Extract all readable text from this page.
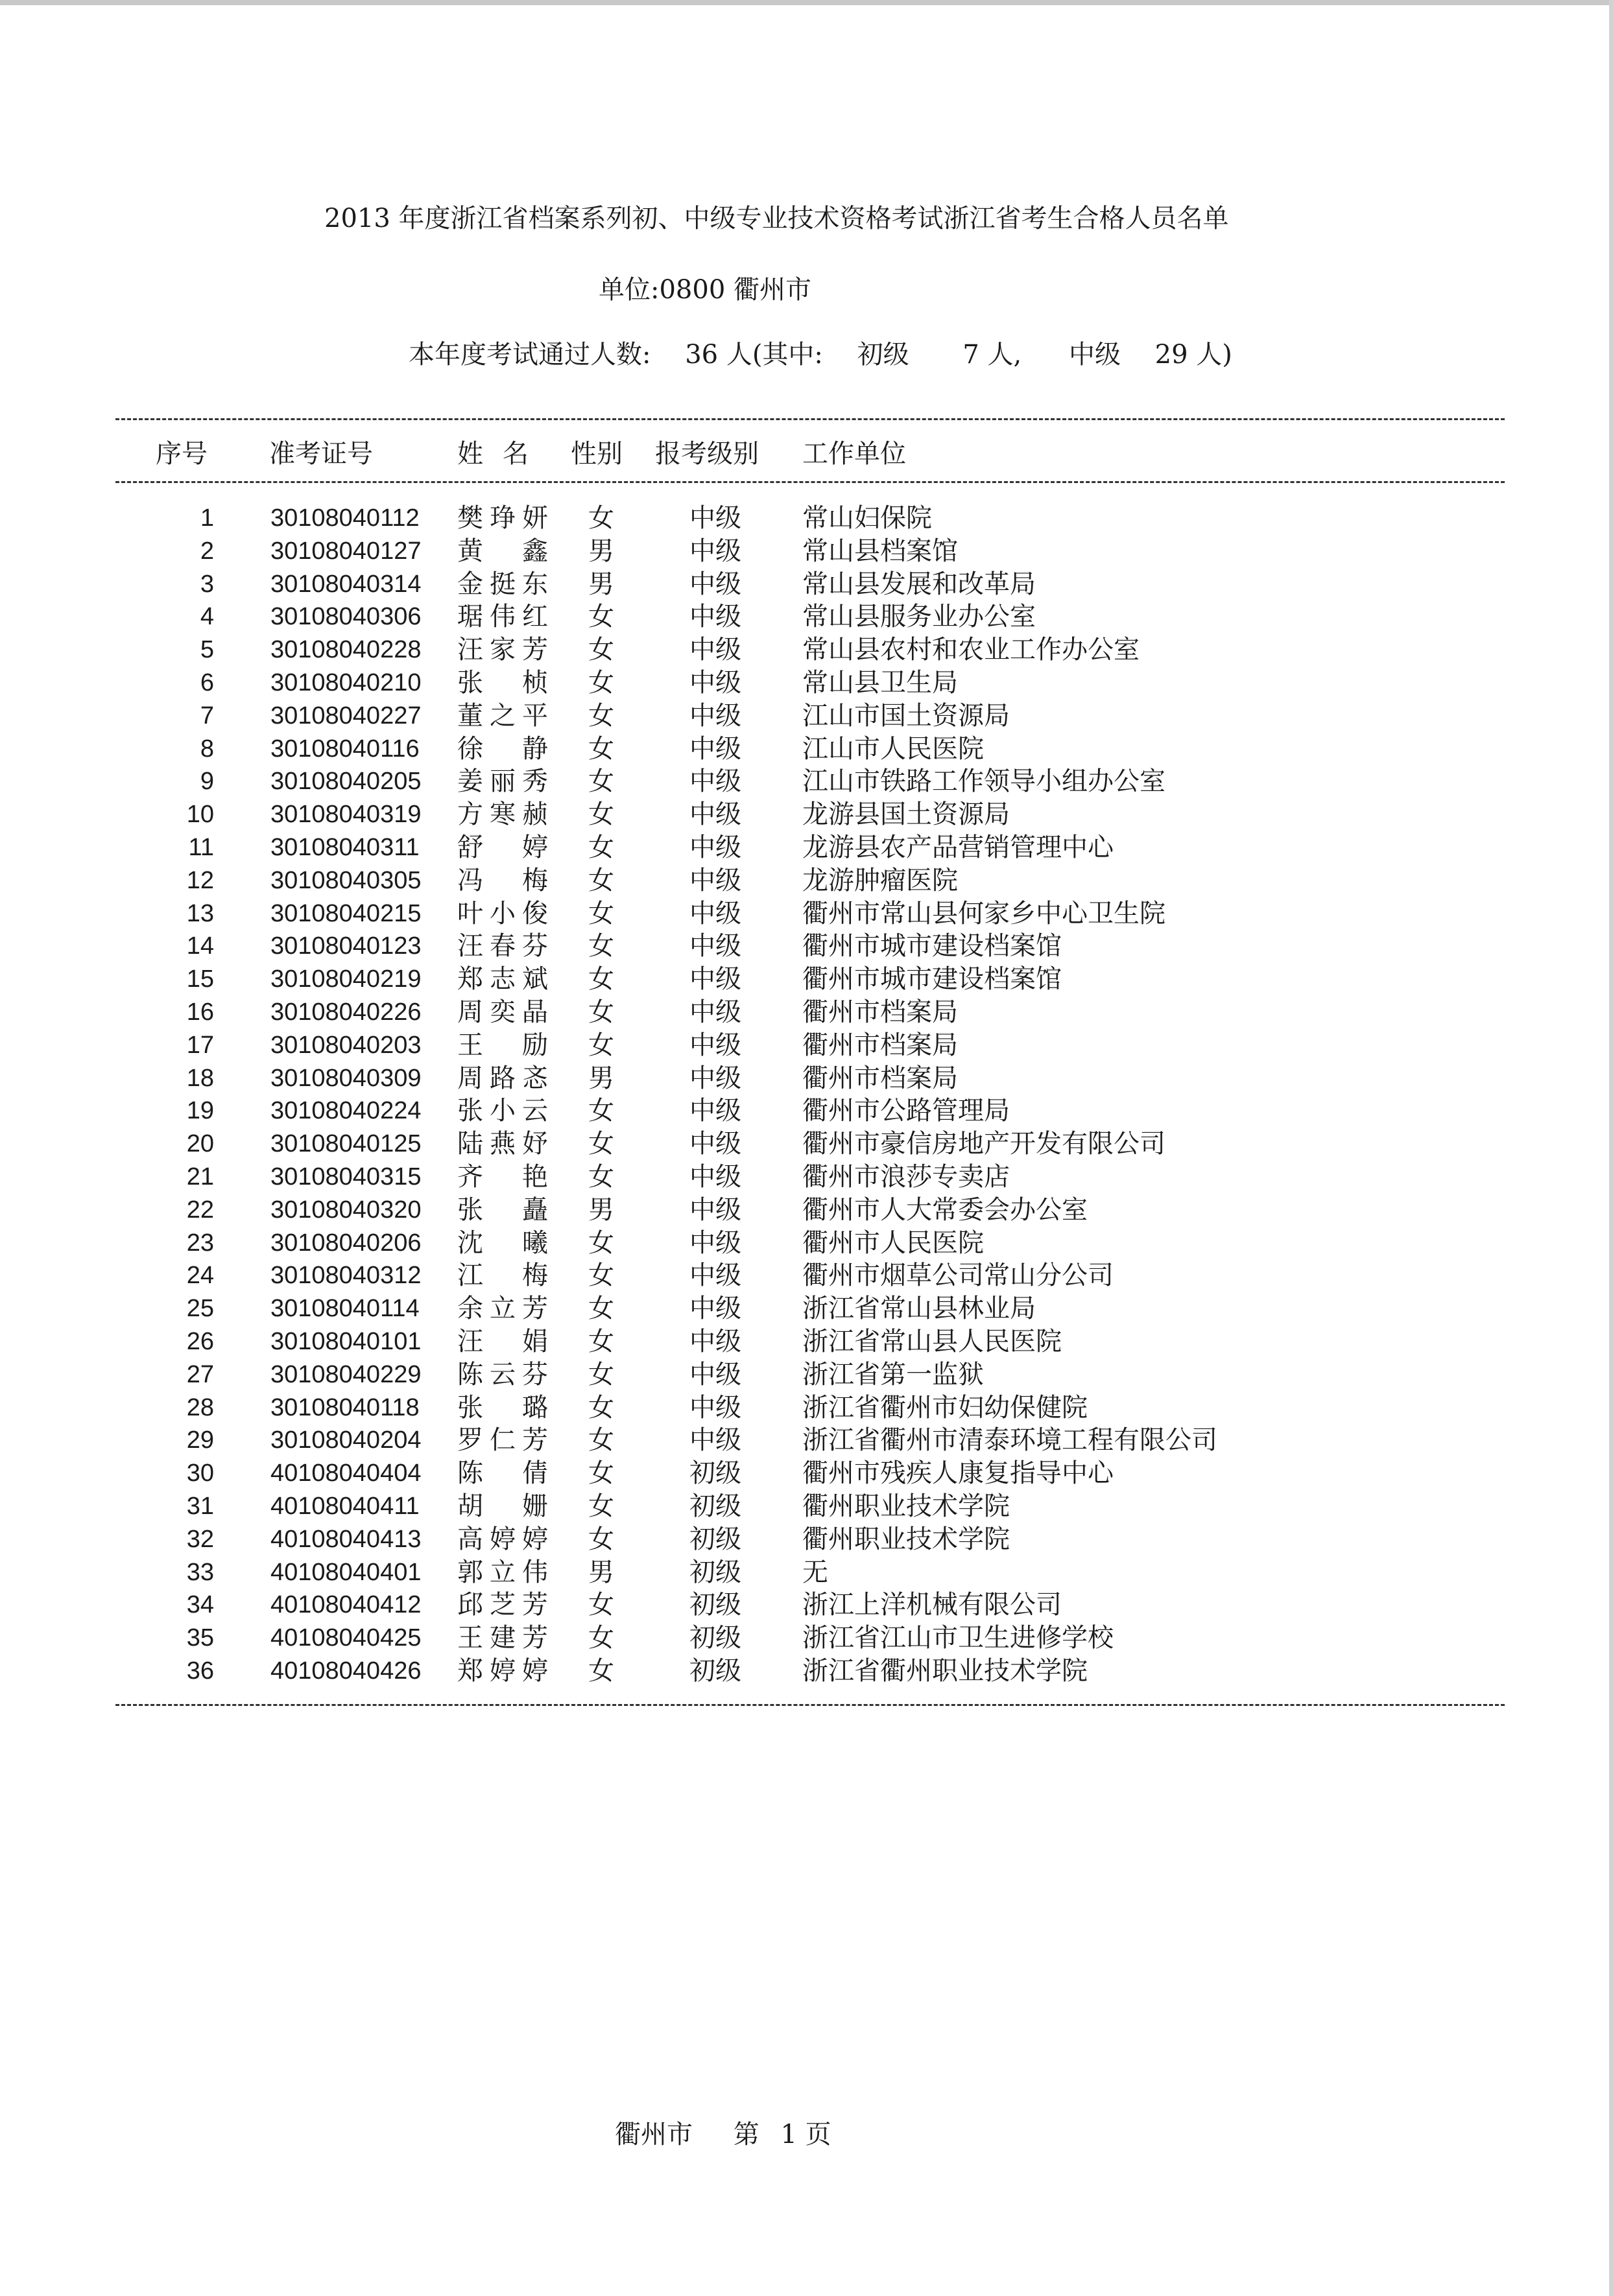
2013 年度浙江省档案系列初、中级专业技术资格考试浙江省考生合格人员名单
单位:0800 衢州市
本年度考试通过人数: 36 人(其中: 初级 7 人, 中级 29 人)
序号 准考证号	姓名 性别 报考级别 工作单位
1 30108040112 樊琤妍 女	中级 常山妇保院
2 30108040127 黄鑫 男	中级 常山县档案馆
3 30108040314 金挺东 男	中级 常山县发展和改革局
4 30108040306 琚伟红 女	中级 常山县服务业办公室
5 30108040228 汪家芳 女	中级 常山县农村和农业工作办公室
6 30108040210 张桢 女	中级 常山县卫生局
7 30108040227 董之平 女	中级 江山市国土资源局
8 30108040116 徐静 女	中级 江山市人民医院
9 30108040205 姜丽秀 女	中级 江山市铁路工作领导小组办公室
10 30108040319 方寒赪 女	中级 龙游县国土资源局
11 30108040311 舒婷 女	中级 龙游县农产品营销管理中心
12 30108040305 冯梅 女	中级 龙游肿瘤医院
13 30108040215 叶小俊 女	中级 衢州市常山县何家乡中心卫生院
14 30108040123 汪春芬 女	中级 衢州市城市建设档案馆
15 30108040219 郑志斌 女	中级 衢州市城市建设档案馆
16 30108040226 周奕晶 女	中级 衢州市档案局
17 30108040203 王励 女	中级 衢州市档案局
18 30108040309 周路忞 男	中级 衢州市档案局
19 30108040224 张小云 女	中级 衢州市公路管理局
20 30108040125 陆燕妤 女	中级 衢州市豪信房地产开发有限公司
21 30108040315 齐艳 女	中级 衢州市浪莎专卖店
22 30108040320 张矗 男	中级 衢州市人大常委会办公室
23 30108040206 沈曦 女	中级 衢州市人民医院
24 30108040312 江梅 女	中级 衢州市烟草公司常山分公司
25 30108040114 余立芳 女	中级 浙江省常山县林业局
26 30108040101 汪娟 女	中级 浙江省常山县人民医院
27 30108040229 陈云芬 女	中级 浙江省第一监狱
28 30108040118 张璐 女	中级 浙江省衢州市妇幼保健院
29 30108040204 罗仁芳 女	中级 浙江省衢州市清泰环境工程有限公司
30 40108040404 陈倩 女	初级 衢州市残疾人康复指导中心
31 40108040411 胡姗 女	初级 衢州职业技术学院
32 40108040413 高婷婷 女	初级 衢州职业技术学院
33 40108040401 郭立伟 男	初级 无
34 40108040412 邱芝芳 女	初级 浙江上洋机械有限公司
35 40108040425 王建芳 女	初级 浙江省江山市卫生进修学校
36 40108040426 郑婷婷 女	初级 浙江省衢州职业技术学院
衢州市 第 1 页
